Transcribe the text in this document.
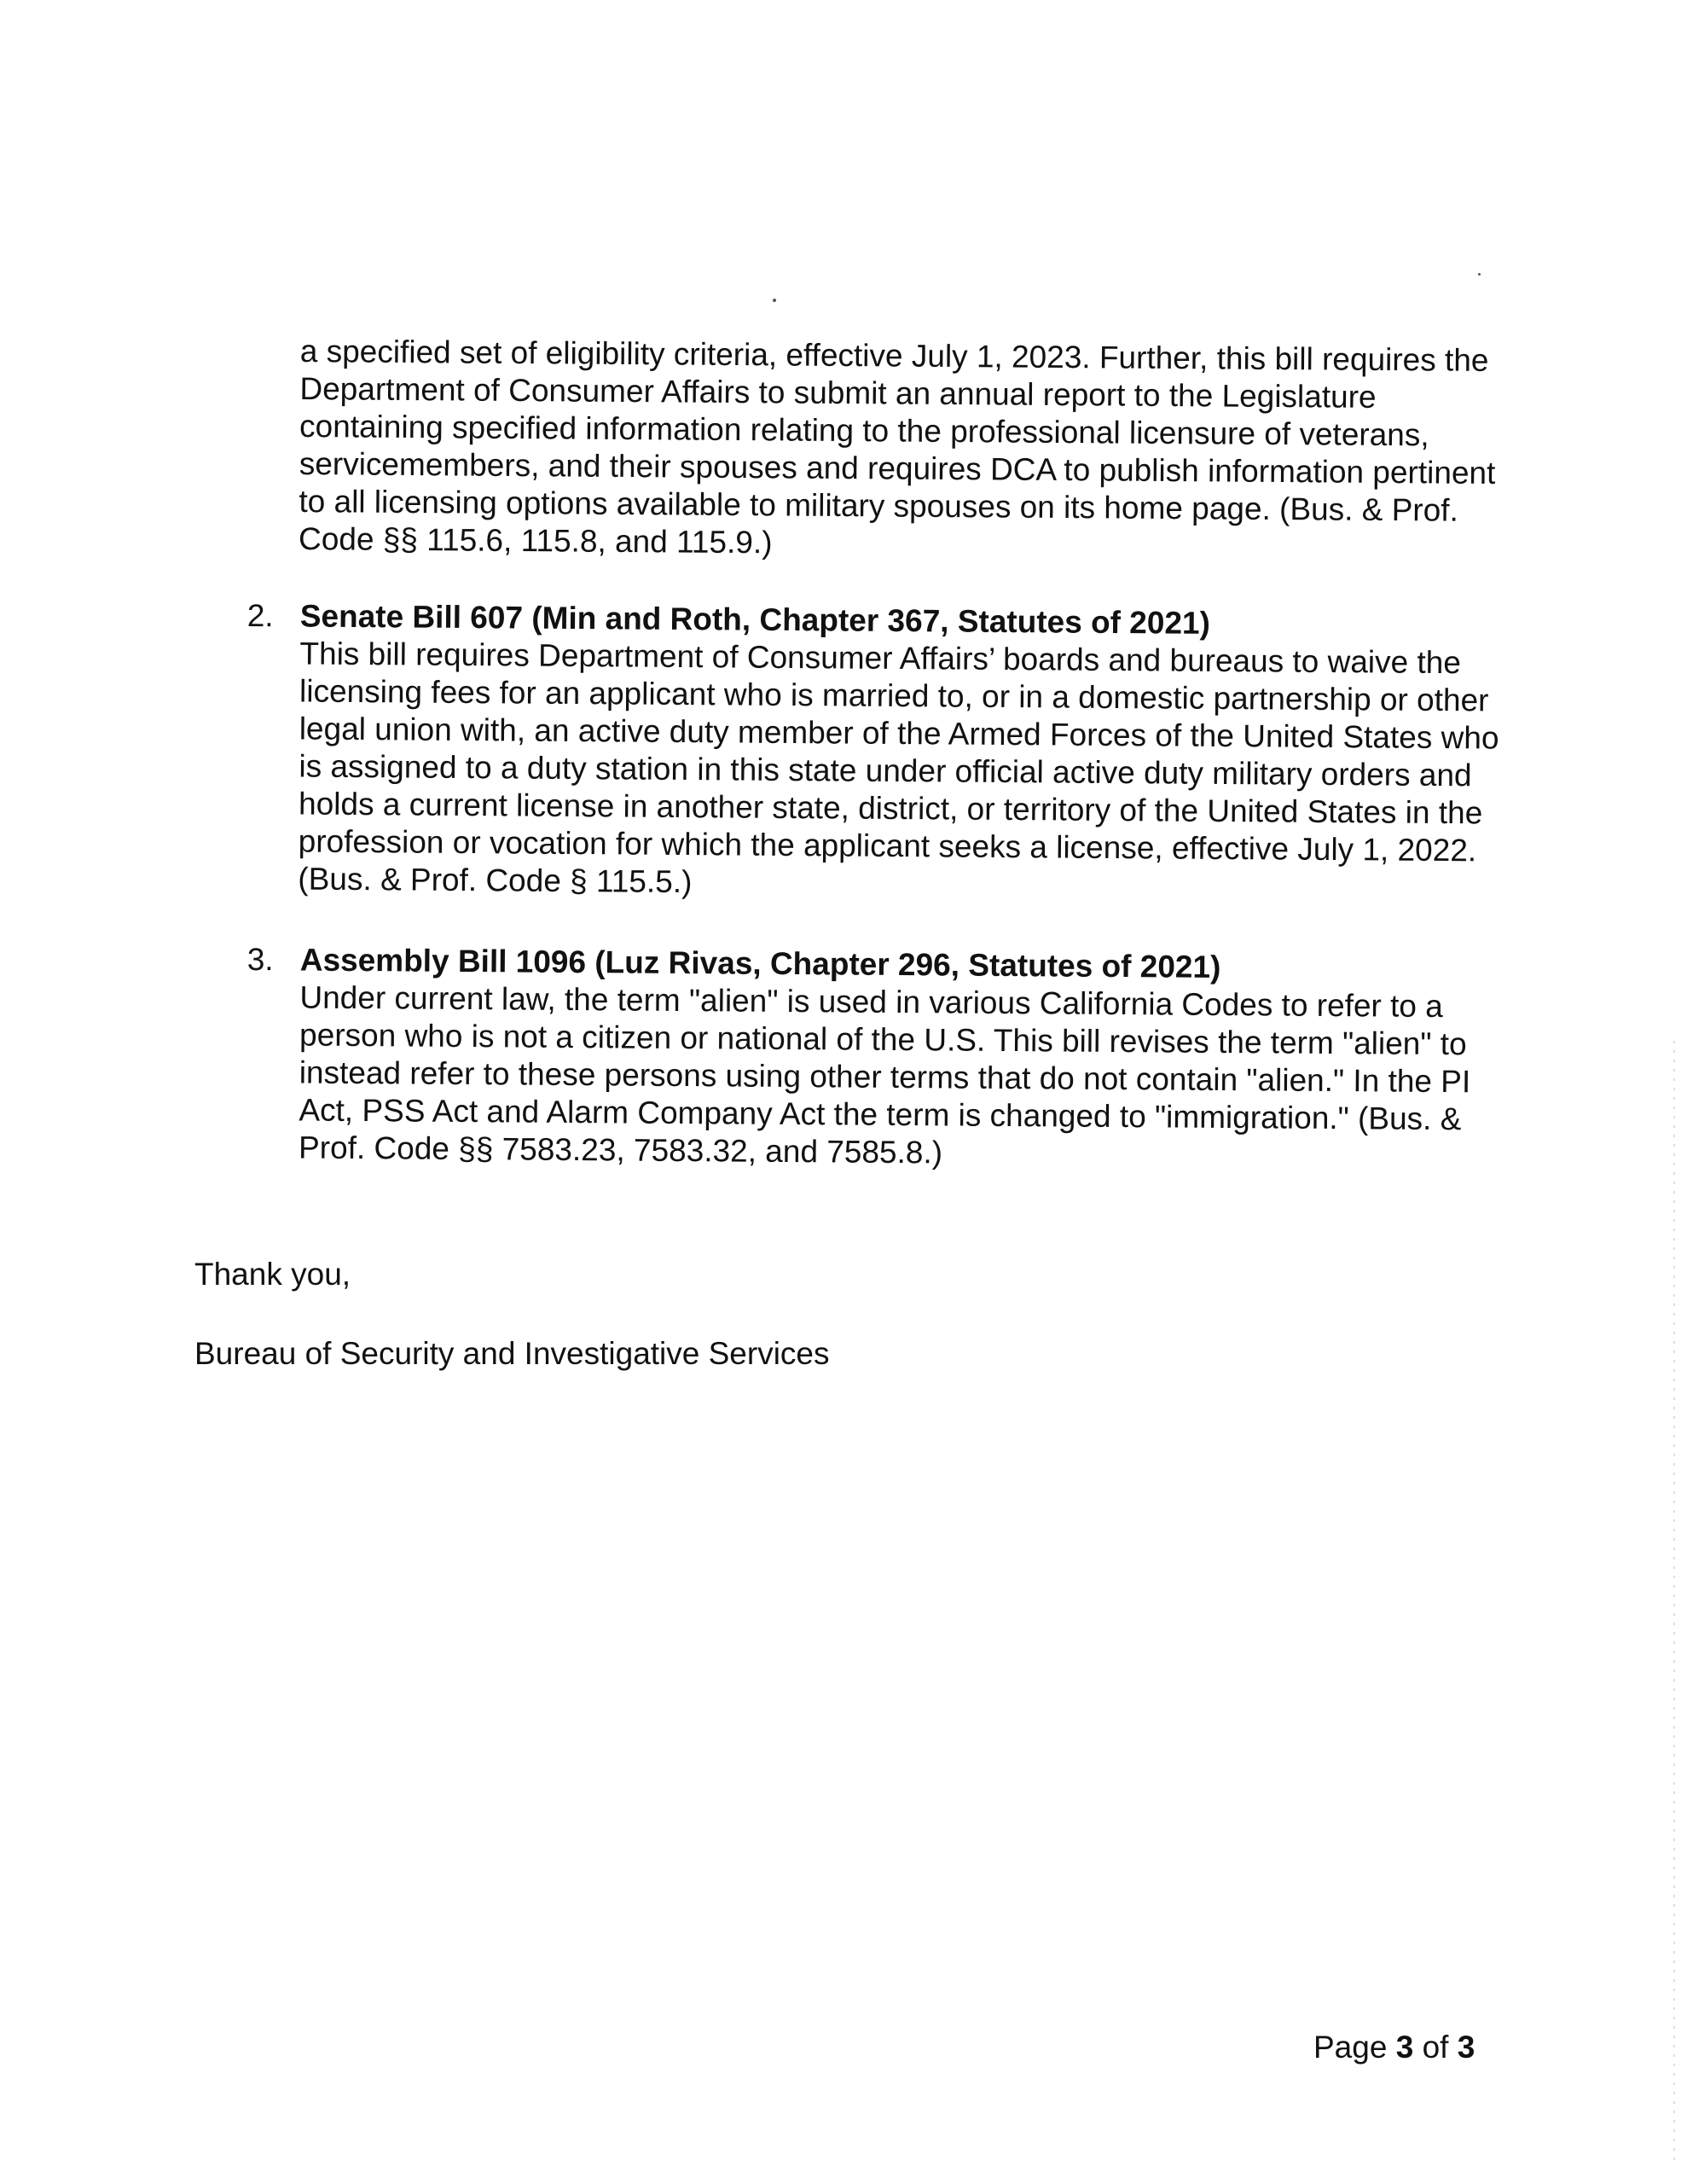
a specified set of eligibility criteria, effective July 1, 2023. Further, this bill requires the Department of Consumer Affairs to submit an annual report to the Legislature containing specified information relating to the professional licensure of veterans, servicemembers, and their spouses and requires DCA to publish information pertinent to all licensing options available to military spouses on its home page. (Bus. & Prof. Code §§ 115.6, 115.8, and 115.9.)

2. Senate Bill 607 (Min and Roth, Chapter 367, Statutes of 2021)

This bill requires Department of Consumer Affairs’ boards and bureaus to waive the licensing fees for an applicant who is married to, or in a domestic partnership or other legal union with, an active duty member of the Armed Forces of the United States who is assigned to a duty station in this state under official active duty military orders and holds a current license in another state, district, or territory of the United States in the profession or vocation for which the applicant seeks a license, effective July 1, 2022. (Bus. & Prof. Code § 115.5.)

3. Assembly Bill 1096 (Luz Rivas, Chapter 296, Statutes of 2021)

Under current law, the term "alien" is used in various California Codes to refer to a person who is not a citizen or national of the U.S. This bill revises the term "alien" to instead refer to these persons using other terms that do not contain "alien." In the PI Act, PSS Act and Alarm Company Act the term is changed to "immigration." (Bus. & Prof. Code §§ 7583.23, 7583.32, and 7585.8.)

Thank you,
Bureau of Security and Investigative Services
Page 3 of 3
